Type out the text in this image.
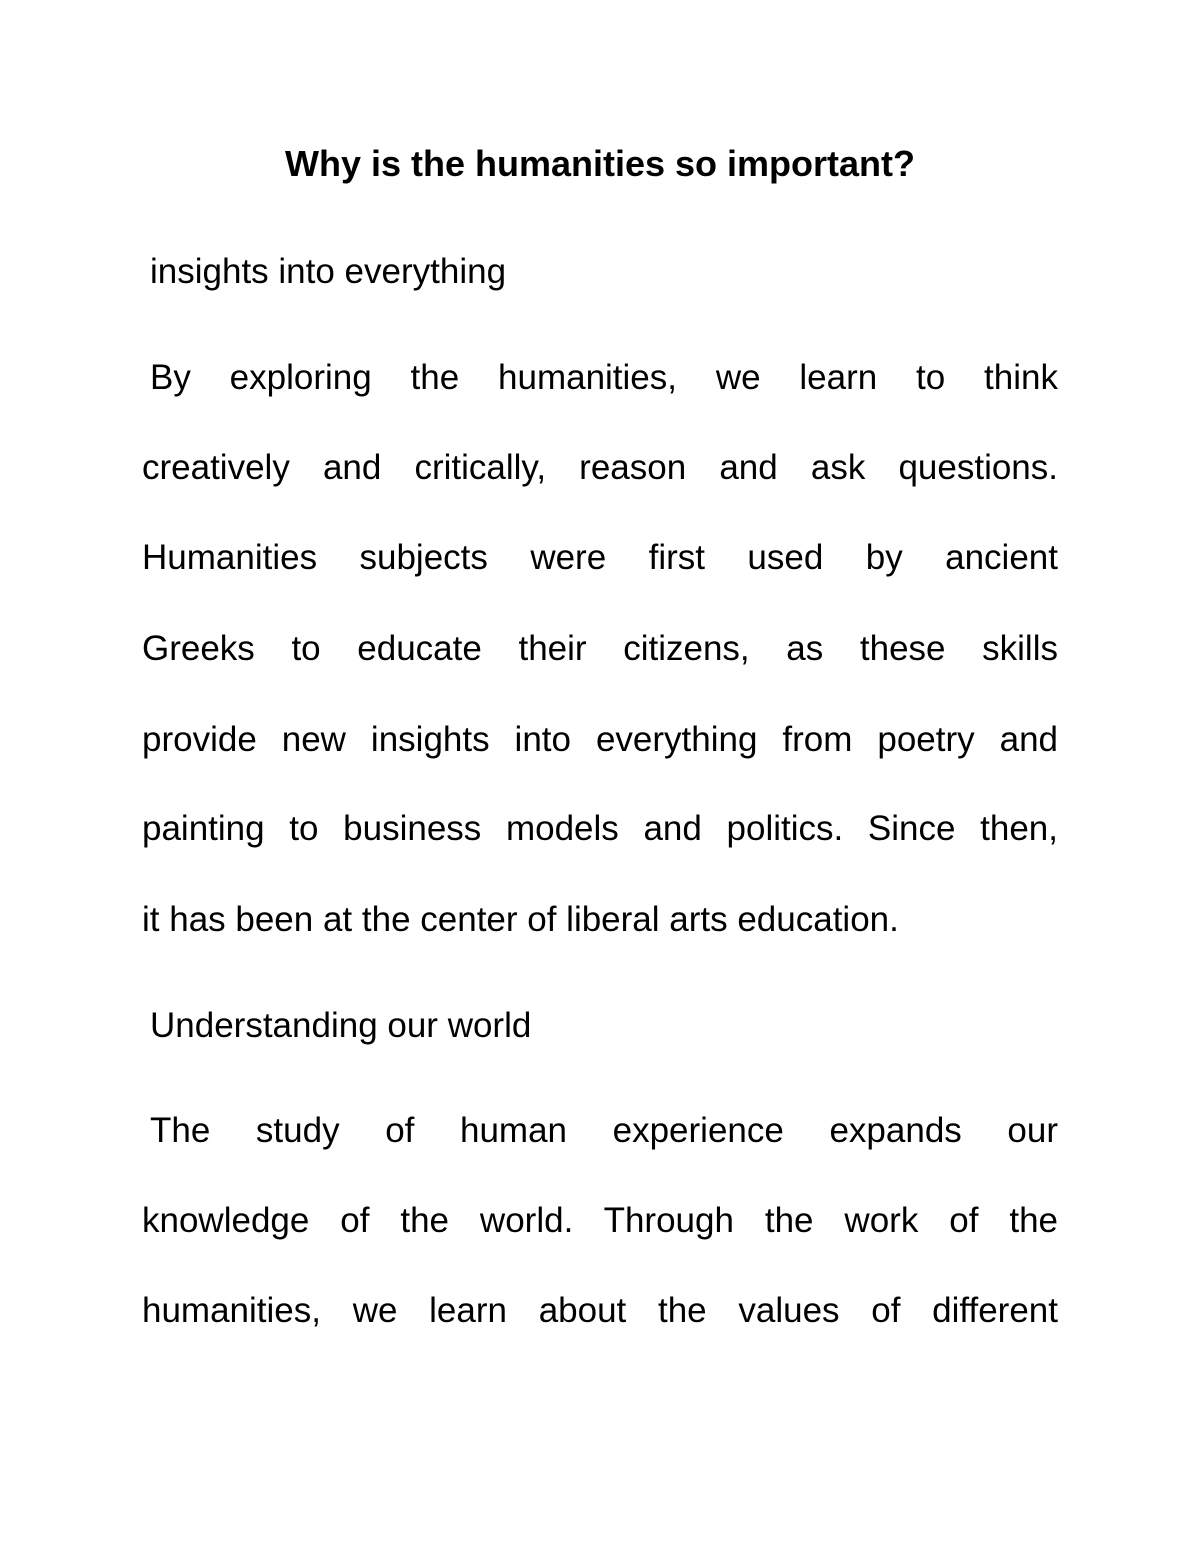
Why is the humanities so important?

insights into everything

By exploring the humanities, we learn to think

creatively and critically, reason and ask questions.

Humanities subjects were first used by ancient

Greeks to educate their citizens, as these skills

provide new insights into everything from poetry and

painting to business models and politics. Since then,

it has been at the center of liberal arts education.

Understanding our world

The study of human experience expands our

knowledge of the world. Through the work of the

humanities, we learn about the values of different
